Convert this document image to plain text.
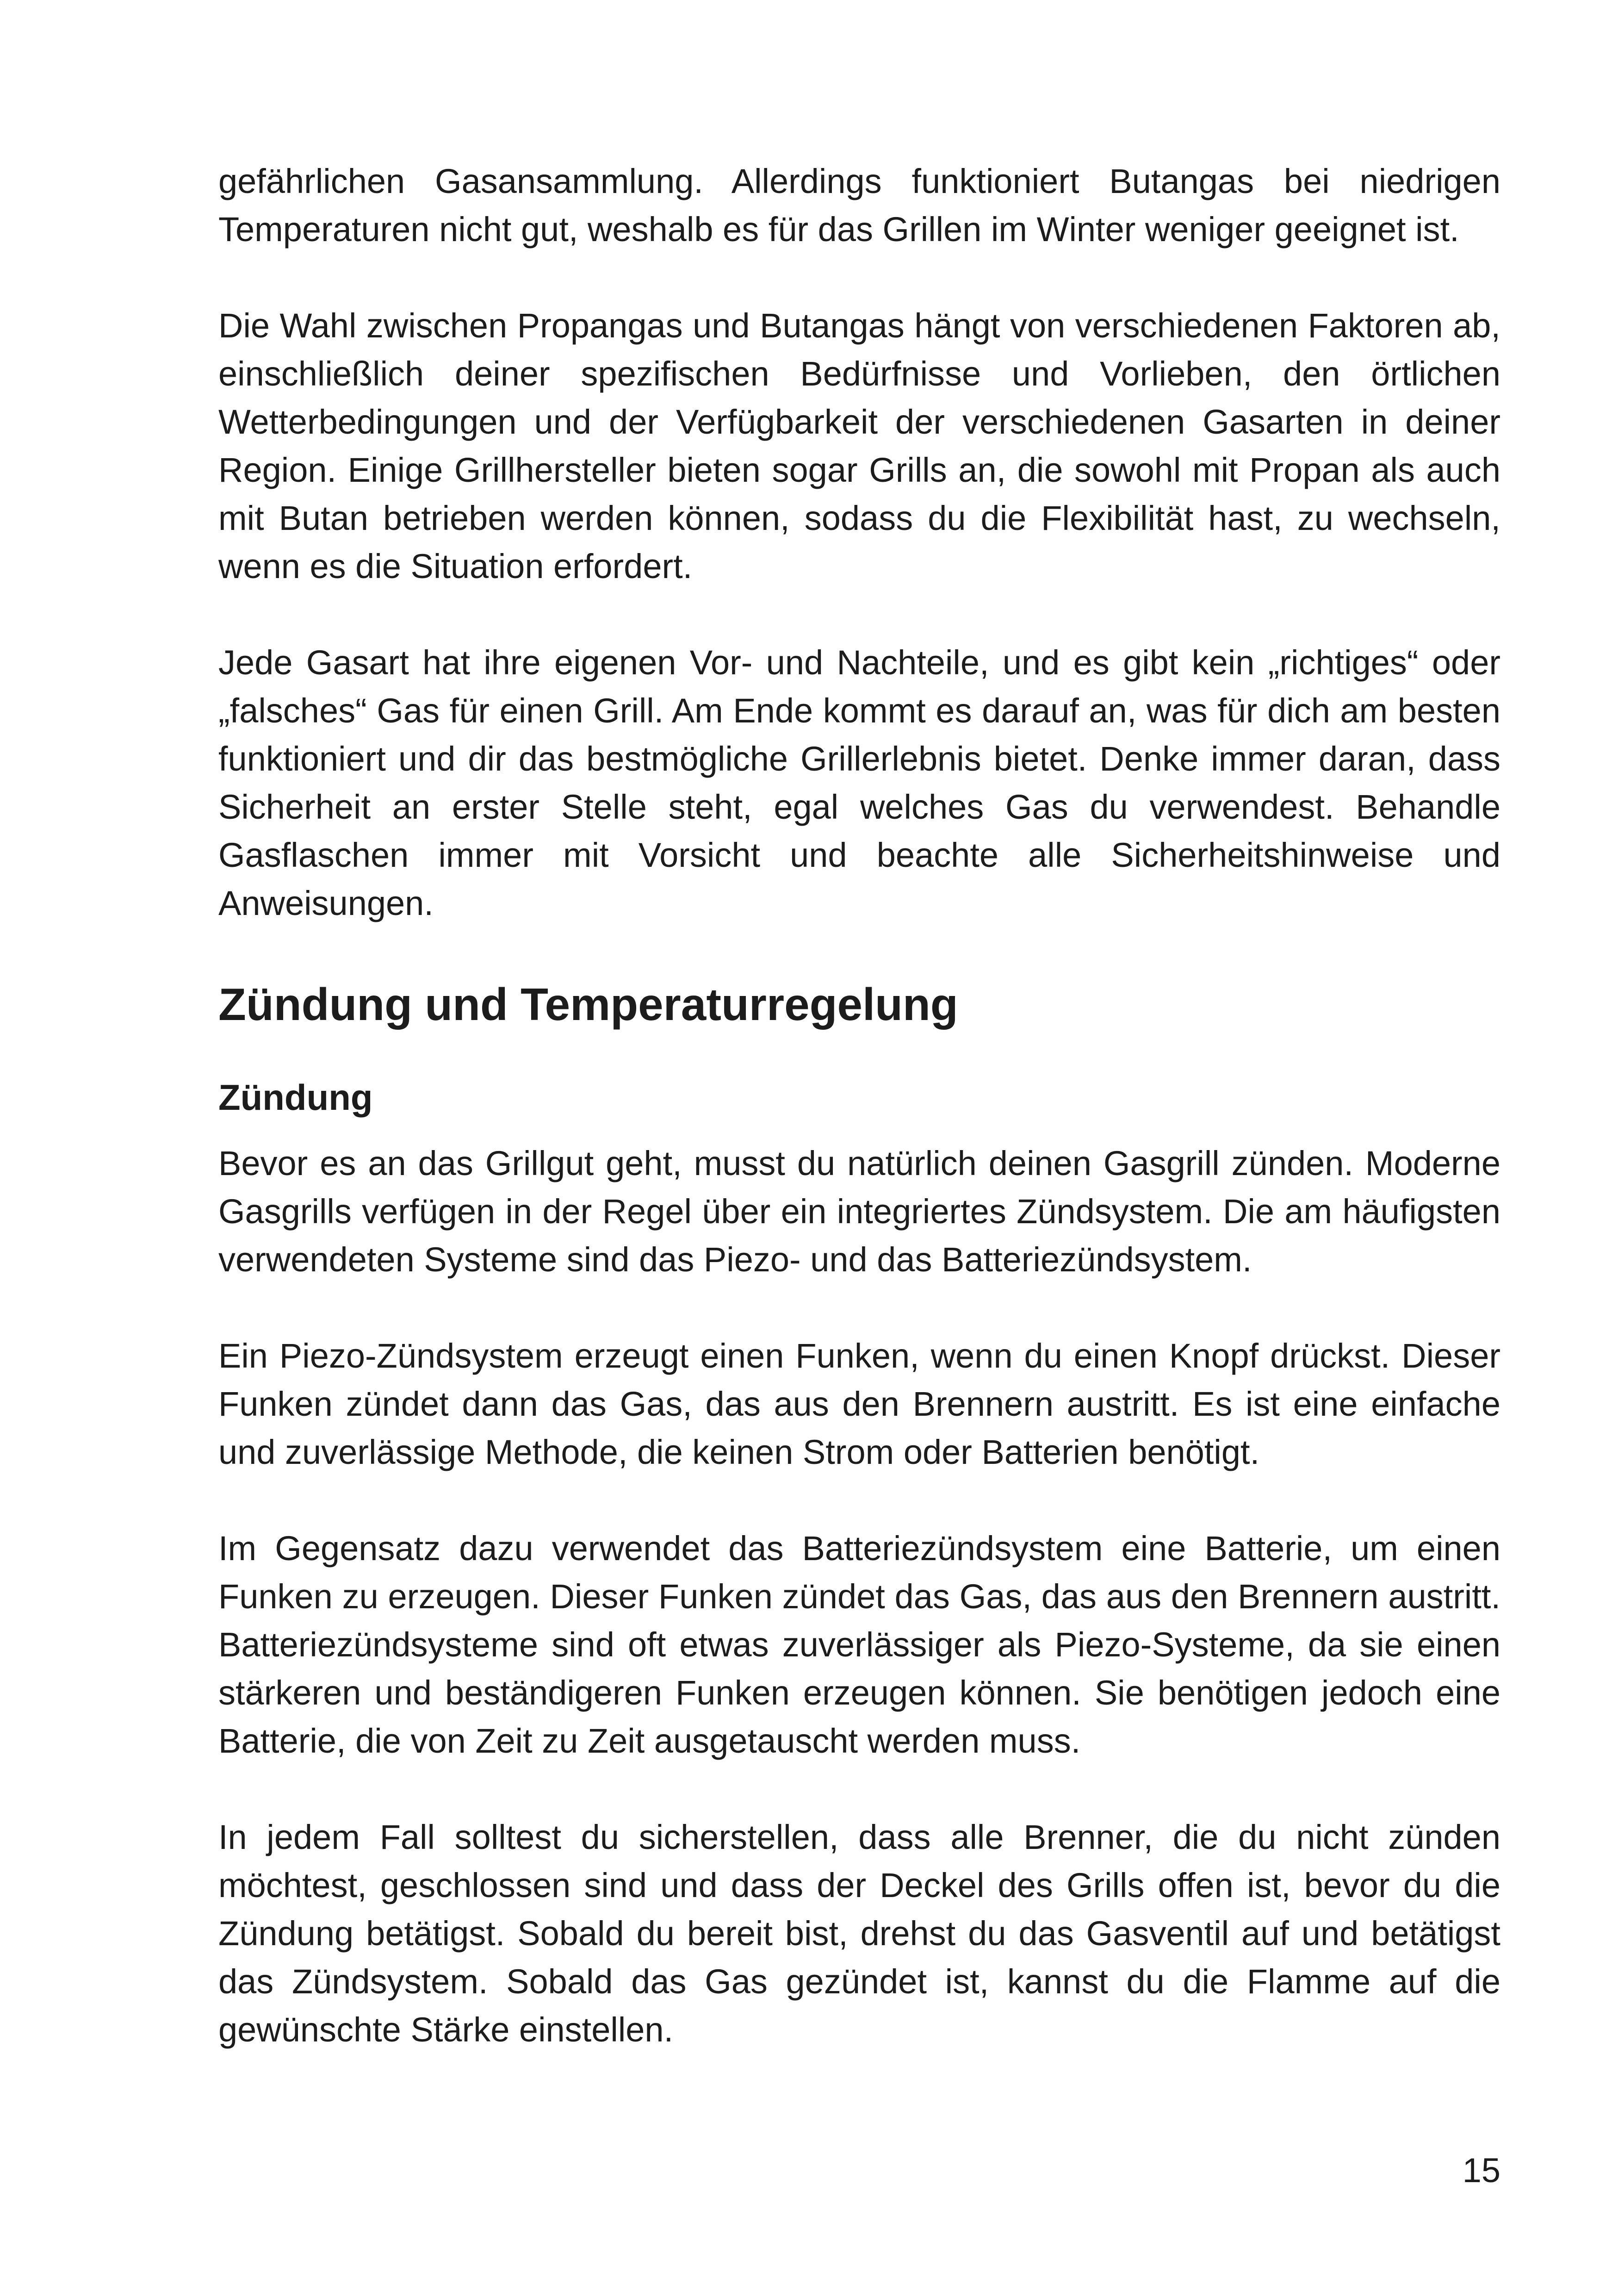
gefährlichen Gasansammlung. Allerdings funktioniert Butangas bei niedrigen Temperaturen nicht gut, weshalb es für das Grillen im Winter weniger geeignet ist.

Die Wahl zwischen Propangas und Butangas hängt von verschiedenen Faktoren ab, einschließlich deiner spezifischen Bedürfnisse und Vorlieben, den örtlichen Wetterbedingungen und der Verfügbarkeit der verschiedenen Gasarten in deiner Region. Einige Grillhersteller bieten sogar Grills an, die sowohl mit Propan als auch mit Butan betrieben werden können, sodass du die Flexibilität hast, zu wechseln, wenn es die Situation erfordert.

Jede Gasart hat ihre eigenen Vor- und Nachteile, und es gibt kein „richtiges“ oder „falsches“ Gas für einen Grill. Am Ende kommt es darauf an, was für dich am besten funktioniert und dir das bestmögliche Grillerlebnis bietet. Denke immer daran, dass Sicherheit an erster Stelle steht, egal welches Gas du verwendest. Behandle Gasflaschen immer mit Vorsicht und beachte alle Sicherheitshinweise und Anweisungen.

Zündung und Temperaturregelung
Zündung

Bevor es an das Grillgut geht, musst du natürlich deinen Gasgrill zünden. Moderne Gasgrills verfügen in der Regel über ein integriertes Zündsystem. Die am häufigsten verwendeten Systeme sind das Piezo- und das Batteriezündsystem.

Ein Piezo-Zündsystem erzeugt einen Funken, wenn du einen Knopf drückst. Dieser Funken zündet dann das Gas, das aus den Brennern austritt. Es ist eine einfache und zuverlässige Methode, die keinen Strom oder Batterien benötigt.

Im Gegensatz dazu verwendet das Batteriezündsystem eine Batterie, um einen Funken zu erzeugen. Dieser Funken zündet das Gas, das aus den Brennern austritt. Batteriezündsysteme sind oft etwas zuverlässiger als Piezo-Systeme, da sie einen stärkeren und beständigeren Funken erzeugen können. Sie benötigen jedoch eine Batterie, die von Zeit zu Zeit ausgetauscht werden muss.

In jedem Fall solltest du sicherstellen, dass alle Brenner, die du nicht zünden möchtest, geschlossen sind und dass der Deckel des Grills offen ist, bevor du die Zündung betätigst. Sobald du bereit bist, drehst du das Gasventil auf und betätigst das Zündsystem. Sobald das Gas gezündet ist, kannst du die Flamme auf die gewünschte Stärke einstellen.

15
